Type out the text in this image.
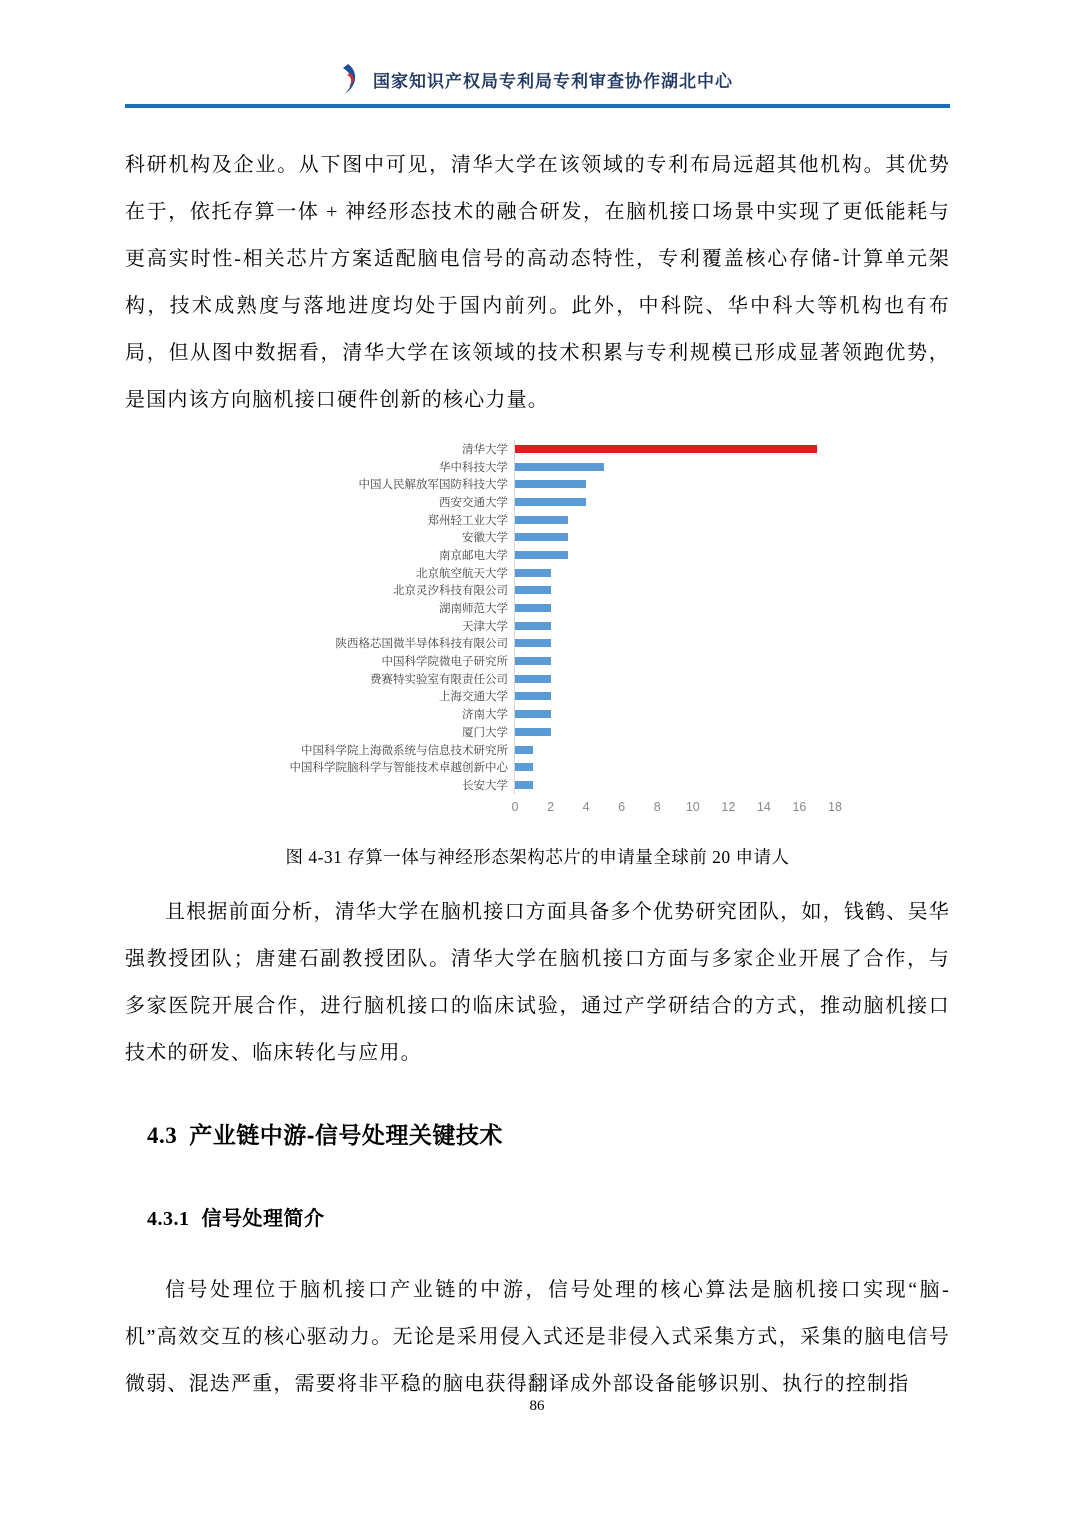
国家知识产权局专利局专利审查协作湖北中心

科研机构及企业。从下图中可见，清华大学在该领域的专利布局远超其他机构。其优势在于，依托存算一体 + 神经形态技术的融合研发，在脑机接口场景中实现了更低能耗与更高实时性-相关芯片方案适配脑电信号的高动态特性，专利覆盖核心存储-计算单元架构，技术成熟度与落地进度均处于国内前列。此外，中科院、华中科大等机构也有布局，但从图中数据看，清华大学在该领域的技术积累与专利规模已形成显著领跑优势，是国内该方向脑机接口硬件创新的核心力量。

清华大学
华中科技大学
中国人民解放军国防科技大学
西安交通大学
郑州轻工业大学
安徽大学
南京邮电大学
北京航空航天大学
北京灵汐科技有限公司
湖南师范大学
天津大学
陕西格芯国微半导体科技有限公司
中国科学院微电子研究所
费赛特实验室有限责任公司
上海交通大学
济南大学
厦门大学
中国科学院上海微系统与信息技术研究所
中国科学院脑科学与智能技术卓越创新中心
长安大学
0 2 4 6 8 10 12 14 16 18
图 4-31 存算一体与神经形态架构芯片的申请量全球前 20 申请人

且根据前面分析，清华大学在脑机接口方面具备多个优势研究团队，如，钱鹤、吴华强教授团队；唐建石副教授团队。清华大学在脑机接口方面与多家企业开展了合作，与多家医院开展合作，进行脑机接口的临床试验，通过产学研结合的方式，推动脑机接口技术的研发、临床转化与应用。

4.3 产业链中游-信号处理关键技术
4.3.1 信号处理简介

信号处理位于脑机接口产业链的中游，信号处理的核心算法是脑机接口实现“脑-机”高效交互的核心驱动力。无论是采用侵入式还是非侵入式采集方式，采集的脑电信号微弱、混迭严重，需要将非平稳的脑电获得翻译成外部设备能够识别、执行的控制指

86
